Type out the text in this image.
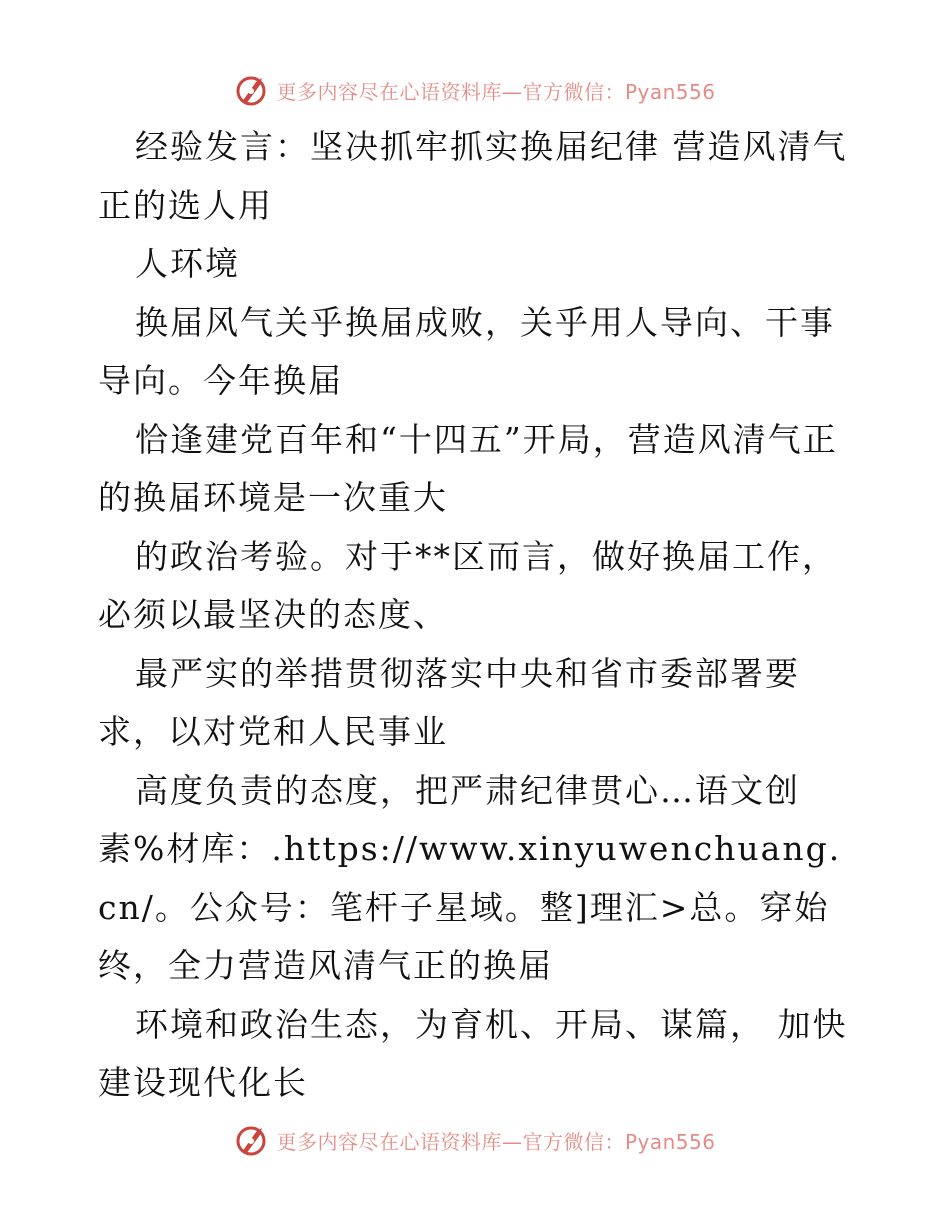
更多内容尽在心语资料库—官方微信：Pyan556

经验发言：坚决抓牢抓实换届纪律 营造风清气正的选人用

人环境

换届风气关乎换届成败，关乎用人导向、干事导向。今年换届

恰逢建党百年和“十四五”开局，营造风清气正的换届环境是一次重大

的政治考验。对于**区而言，做好换届工作，必须以最坚决的态度、

最严实的举措贯彻落实中央和省市委部署要求，以对党和人民事业

高度负责的态度，把严肃纪律贯心…语文创素%材库：.https://www.xinyuwenchuang.cn/。公众号：笔杆子星域。整]理汇>总。穿始终，全力营造风清气正的换届

环境和政治生态，为育机、开局、谋篇， 加快建设现代化长

更多内容尽在心语资料库—官方微信：Pyan556
